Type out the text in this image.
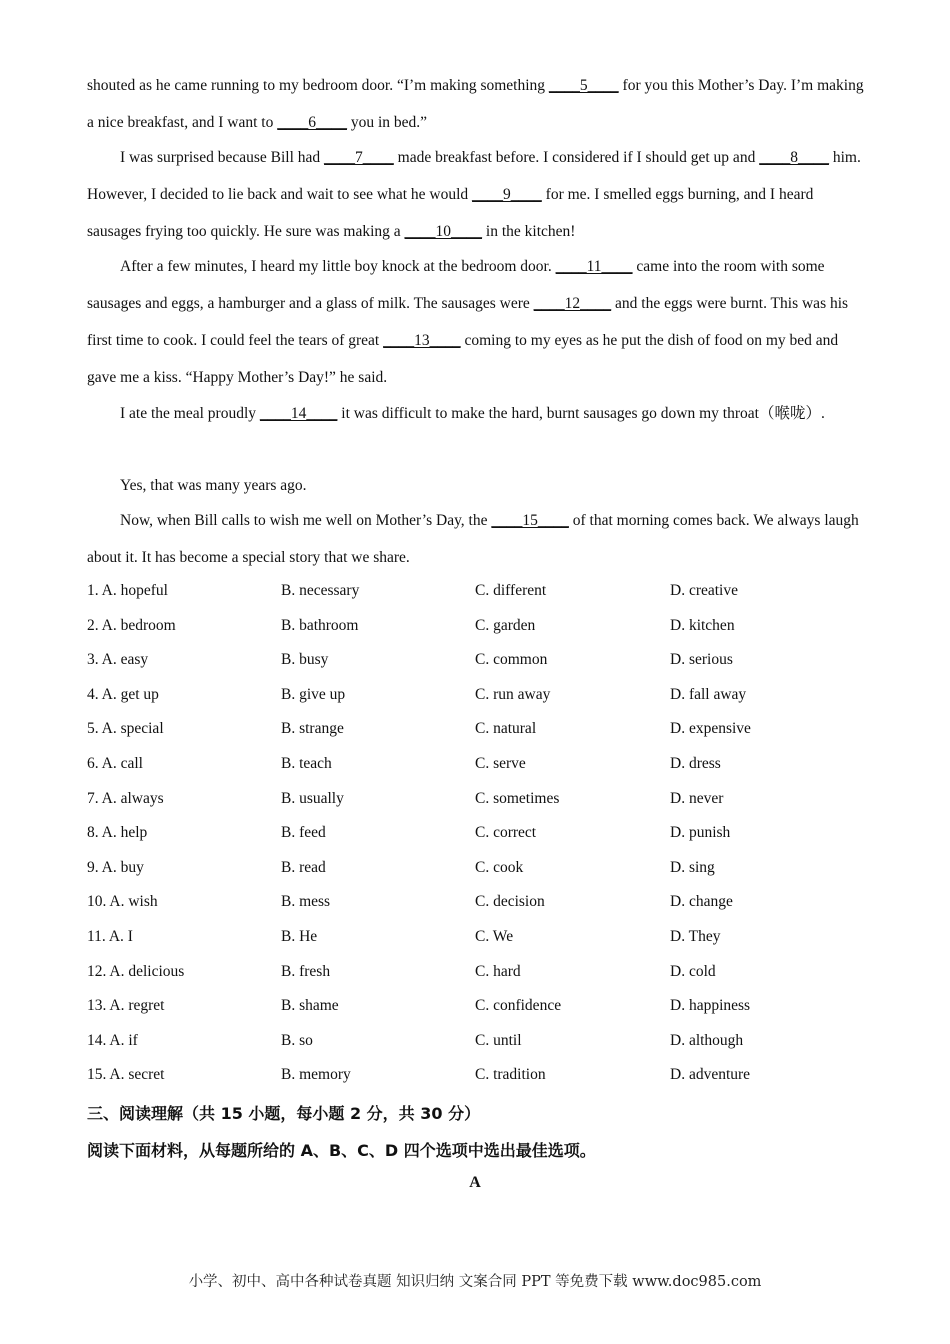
shouted as he came running to my bedroom door. “I’m making something ____5____ for you this Mother’s Day. I’m making a nice breakfast, and I want to ____6____ you in bed.”

I was surprised because Bill had ____7____ made breakfast before. I considered if I should get up and ____8____ him. However, I decided to lie back and wait to see what he would ____9____ for me. I smelled eggs burning, and I heard sausages frying too quickly. He sure was making a ____10____ in the kitchen!

After a few minutes, I heard my little boy knock at the bedroom door. ____11____ came into the room with some sausages and eggs, a hamburger and a glass of milk. The sausages were ____12____ and the eggs were burnt. This was his first time to cook. I could feel the tears of great ____13____ coming to my eyes as he put the dish of food on my bed and gave me a kiss. “Happy Mother’s Day!” he said.

I ate the meal proudly ____14____ it was difficult to make the hard, burnt sausages go down my throat（喉咙）.

Yes, that was many years ago.

Now, when Bill calls to wish me well on Mother’s Day, the ____15____ of that morning comes back. We always laugh about it. It has become a special story that we share.

1. A. hopeful	B. necessary	C. different	D. creative
2. A. bedroom	B. bathroom	C. garden	D. kitchen
3. A. easy	B. busy	C. common	D. serious
4. A. get up	B. give up	C. run away	D. fall away
5. A. special	B. strange	C. natural	D. expensive
6. A. call	B. teach	C. serve	D. dress
7. A. always	B. usually	C. sometimes	D. never
8. A. help	B. feed	C. correct	D. punish
9. A. buy	B. read	C. cook	D. sing
10. A. wish	B. mess	C. decision	D. change
11. A. I	B. He	C. We	D. They
12. A. delicious	B. fresh	C. hard	D. cold
13. A. regret	B. shame	C. confidence	D. happiness
14. A. if	B. so	C. until	D. although
15. A. secret	B. memory	C. tradition	D. adventure

三、阅读理解（共 15 小题，每小题 2 分，共 30 分）

阅读下面材料，从每题所给的 A、B、C、D 四个选项中选出最佳选项。

A
小学、初中、高中各种试卷真题 知识归纳 文案合同 PPT 等免费下载 www.doc985.com
